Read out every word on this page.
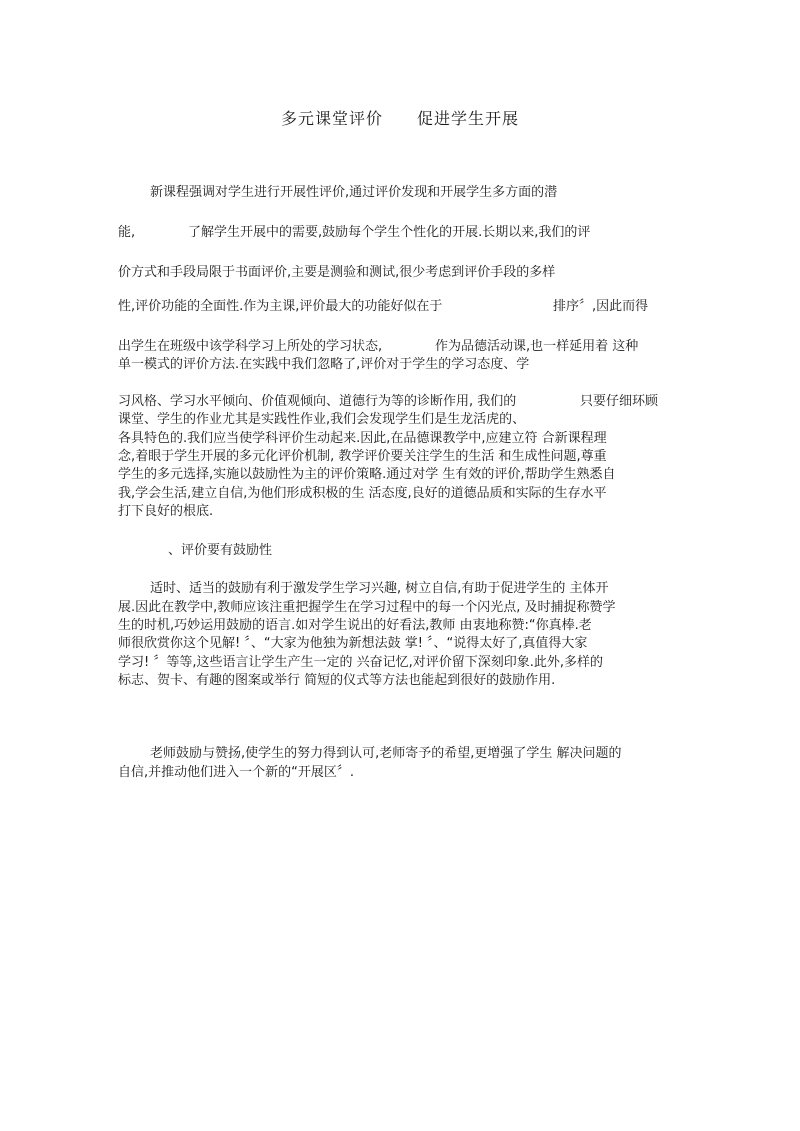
多元课堂评价 促进学生开展
新课程强调对学生进行开展性评价,通过评价发现和开展学生多方面的潜
能,	了解学生开展中的需要,鼓励每个学生个性化的开展.长期以来,我们的评
价方式和手段局限于书面评价,主要是测验和测试,很少考虑到评价手段的多样
性,评价功能的全面性.作为主课,评价最大的功能好似在于	排序〞,因此而得
出学生在班级中该学科学习上所处的学习状态,	作为品德活动课,也一样延用着 这种
单一模式的评价方法.在实践中我们忽略了,评价对于学生的学习态度、学
习风格、学习水平倾向、价值观倾向、道德行为等的诊断作用, 我们的	只要仔细环顾
课堂、学生的作业尤其是实践性作业,我们会发现学生们是生龙活虎的、
各具特色的.我们应当使学科评价生动起来.因此,在品德课教学中,应建立符 合新课程理
念,着眼于学生开展的多元化评价机制, 教学评价要关注学生的生活 和生成性问题,尊重
学生的多元选择,实施以鼓励性为主的评价策略.通过对学 生有效的评价,帮助学生熟悉自
我,学会生活,建立自信,为他们形成积极的生 活态度,良好的道德品质和实际的生存水平
打下良好的根底.
、评价要有鼓励性
适时、适当的鼓励有利于激发学生学习兴趣, 树立自信,有助于促进学生的 主体开
展.因此在教学中,教师应该注重把握学生在学习过程中的每一个闪光点, 及时捕捉称赞学
生的时机,巧妙运用鼓励的语言.如对学生说出的好看法,教师 由衷地称赞:“你真棒.老
师很欣赏你这个见解! 〞、“大家为他独为新想法鼓 掌! 〞、“说得太好了,真值得大家
学习! 〞等等,这些语言让学生产生一定的 兴奋记忆,对评价留下深刻印象.此外,多样的
标志、贺卡、有趣的图案或举行 简短的仪式等方法也能起到很好的鼓励作用.
老师鼓励与赞扬,使学生的努力得到认可,老师寄予的希望,更增强了学生 解决问题的
自信,并推动他们进入一个新的“开展区〞.
